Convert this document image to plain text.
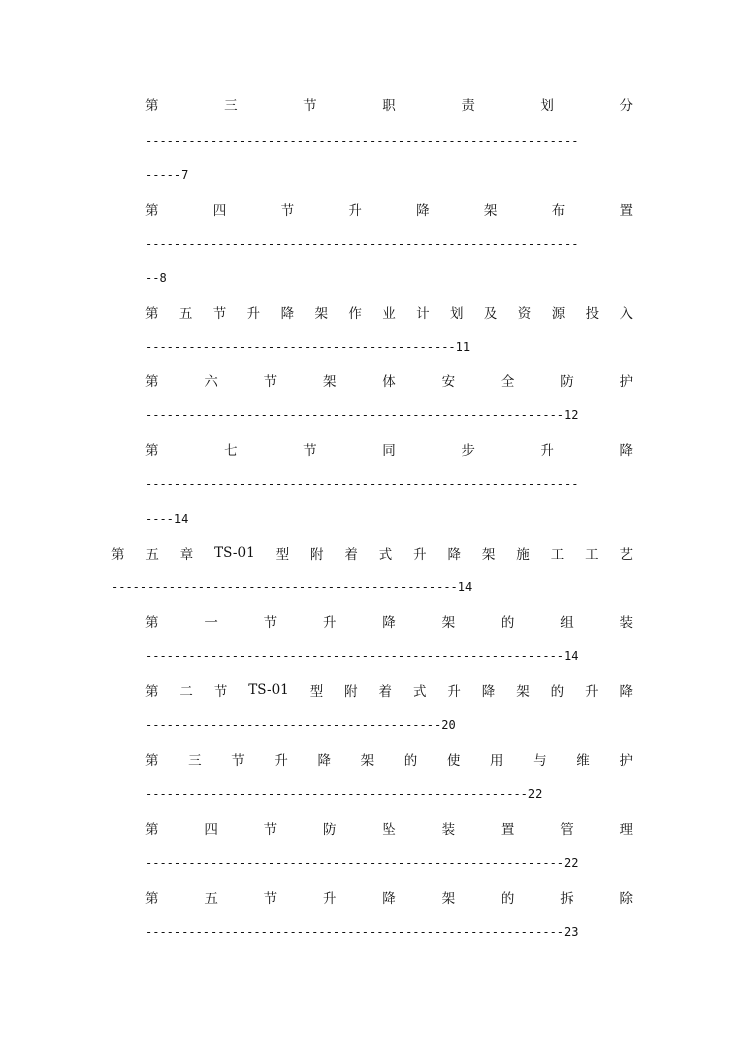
第	三	节	职	责	划	分
------------------------------------------------------------
----- 7
第	四	节	升	降	架	布	置
------------------------------------------------------------
-- 8
第 五 节 升 降 架 作 业 计 划 及 资 源 投 入
------------------------------------------- 11
第	六	节	架	体	安	全	防	护
---------------------------------------------------------- 12
第	七	节	同	步	升	降
------------------------------------------------------------
---- 14
第 五 章 TS-01 型 附 着 式 升 降 架 施 工 工 艺
------------------------------------------------ 14
第	一	节	升	降	架	的	组	装
---------------------------------------------------------- 14
第 二 节 TS-01 型 附 着 式 升 降 架 的 升 降
----------------------------------------- 20
第 三 节 升 降 架 的 使 用 与 维 护
----------------------------------------------------- 22
第	四	节	防	坠	装	置	管	理
---------------------------------------------------------- 22
第	五	节	升	降	架	的	拆	除
---------------------------------------------------------- 23
